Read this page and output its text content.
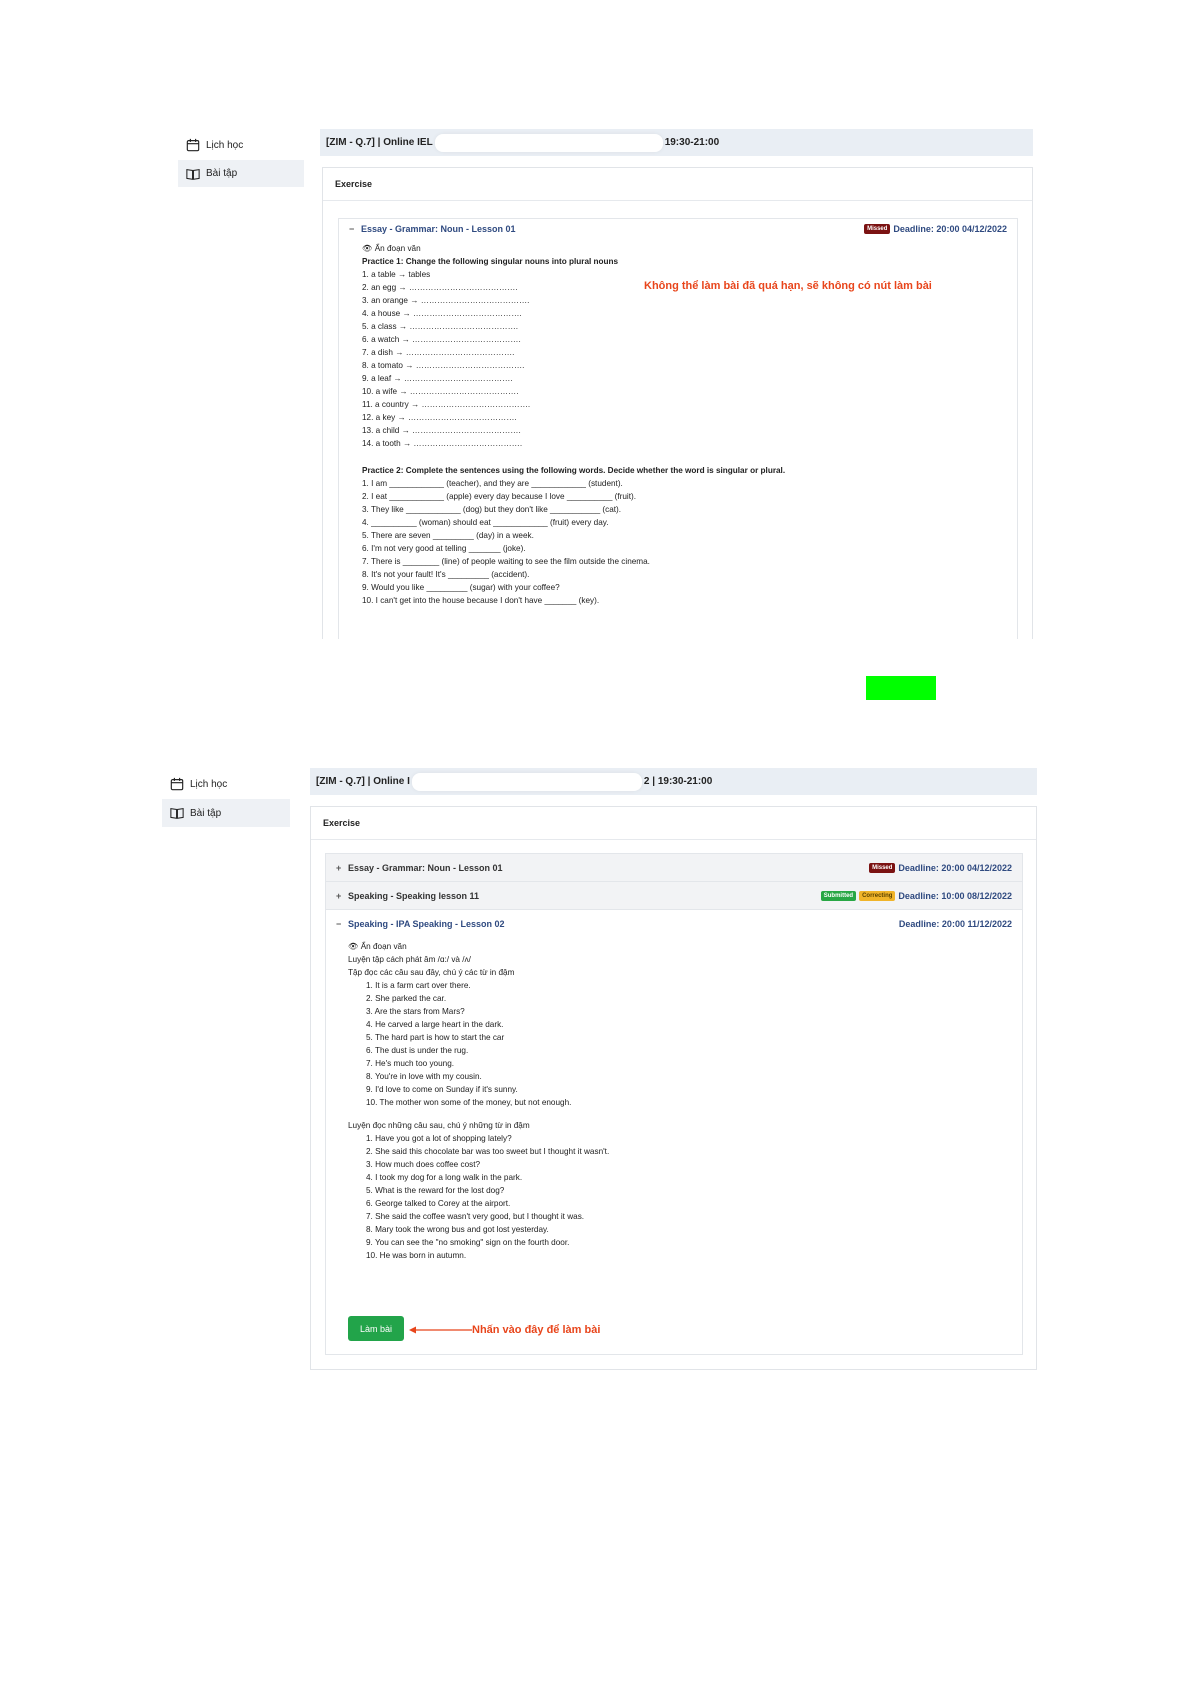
Lịch học
Bài tập
[ZIM - Q.7] | Online IEL	19:30-21:00
Exercise
− Essay - Grammar: Noun - Lesson 01	Missed Deadline: 20:00 04/12/2022
👁 Ẩn đoạn văn
Practice 1: Change the following singular nouns into plural nouns
1. a table → tables
2. an egg → ………………………………….
3. an orange → ………………………………….
4. a house → ………………………………….
5. a class → ………………………………….
6. a watch → ………………………………….
7. a dish → ………………………………….
8. a tomato → ………………………………….
9. a leaf → ………………………………….
10. a wife → ………………………………….
11. a country → ………………………………….
12. a key → ………………………………….
13. a child → ………………………………….
14. a tooth → ………………………………….
Practice 2: Complete the sentences using the following words. Decide whether the word is singular or plural.
1. I am ____________ (teacher), and they are ____________ (student).
2. I eat ____________ (apple) every day because I love __________ (fruit).
3. They like ____________ (dog) but they don't like ___________ (cat).
4. __________ (woman) should eat ____________ (fruit) every day.
5. There are seven _________ (day) in a week.
6. I'm not very good at telling _______ (joke).
7. There is ________ (line) of people waiting to see the film outside the cinema.
8. It's not your fault! It's _________ (accident).
9. Would you like _________ (sugar) with your coffee?
10. I can't get into the house because I don't have _______ (key).
Không thể làm bài đã quá hạn, sẽ không có nút làm bài
Lịch học
Bài tập
[ZIM - Q.7] | Online I	2 | 19:30-21:00
Exercise
+ Essay - Grammar: Noun - Lesson 01	Missed Deadline: 20:00 04/12/2022
+ Speaking - Speaking lesson 11	Submitted	Correcting Deadline: 10:00 08/12/2022
− Speaking - IPA Speaking - Lesson 02	Deadline: 20:00 11/12/2022
👁 Ẩn đoạn văn
Luyện tập cách phát âm /ɑ:/ và /ʌ/
Tập đọc các câu sau đây, chú ý các từ in đậm
1. It is a farm cart over there.
2. She parked the car.
3. Are the stars from Mars?
4. He carved a large heart in the dark.
5. The hard part is how to start the car
6. The dust is under the rug.
7. He's much too young.
8. You're in love with my cousin.
9. I'd love to come on Sunday if it's sunny.
10. The mother won some of the money, but not enough.
Luyện đọc những câu sau, chú ý những từ in đậm
1. Have you got a lot of shopping lately?
2. She said this chocolate bar was too sweet but I thought it wasn't.
3. How much does coffee cost?
4. I took my dog for a long walk in the park.
5. What is the reward for the lost dog?
6. George talked to Corey at the airport.
7. She said the coffee wasn't very good, but I thought it was.
8. Mary took the wrong bus and got lost yesterday.
9. You can see the "no smoking" sign on the fourth door.
10. He was born in autumn.
Làm bài	Nhấn vào đây để làm bài
